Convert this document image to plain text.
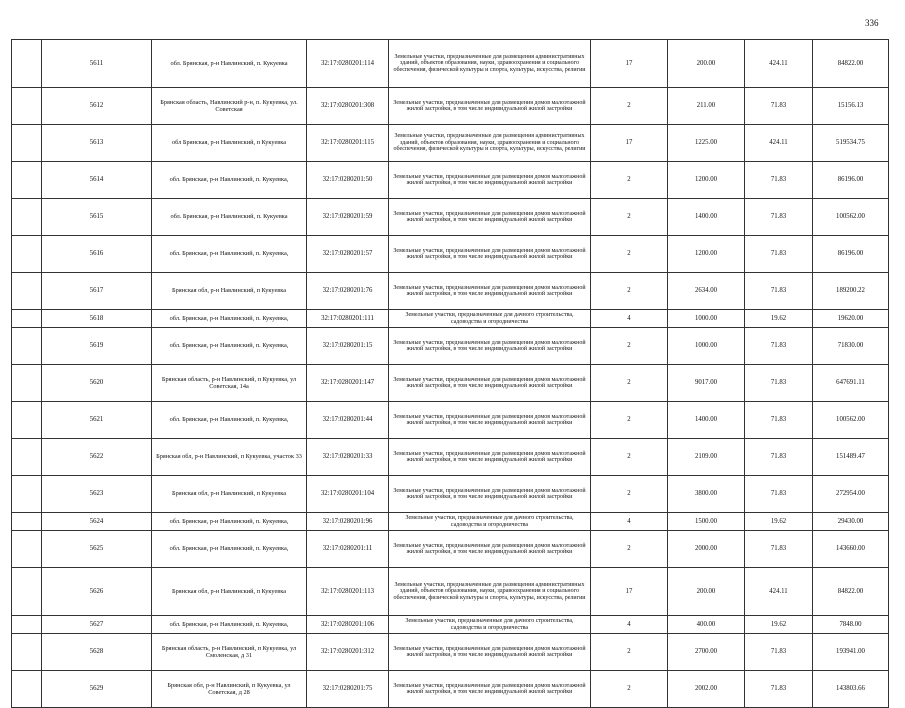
336
	5611	обл. Брянская, р-н Навлинский, п. Кукуевка	32:17:0280201:114	Земельные участки, предназначенные для размещения административных зданий, объектов образования, науки, здравоохранения и социального обеспечения, физической культуры и спорта, культуры, искусства, религии	17	200.00	424.11	84822.00
	5612	Брянская область, Навлинский р-н, п. Кукуевка, ул. Советская	32:17:0280201:308	Земельные участки, предназначенные для размещения домов малоэтажной жилой застройки, в том числе индивидуальной жилой застройки	2	211.00	71.83	15156.13
	5613	обл Брянская, р-н Навлинский, п Кукуевка	32:17:0280201:115	Земельные участки, предназначенные для размещения административных зданий, объектов образования, науки, здравоохранения и социального обеспечения, физической культуры и спорта, культуры, искусства, религии	17	1225.00	424.11	519534.75
	5614	обл. Брянская, р-н Навлинский, п. Кукуевка,	32:17:0280201:50	Земельные участки, предназначенные для размещения домов малоэтажной жилой застройки, в том числе индивидуальной жилой застройки	2	1200.00	71.83	86196.00
	5615	обл. Брянская, р-н Навлинский, п. Кукуевка	32:17:0280201:59	Земельные участки, предназначенные для размещения домов малоэтажной жилой застройки, в том числе индивидуальной жилой застройки	2	1400.00	71.83	100562.00
	5616	обл. Брянская, р-н Навлинский, п. Кукуевка,	32:17:0280201:57	Земельные участки, предназначенные для размещения домов малоэтажной жилой застройки, в том числе индивидуальной жилой застройки	2	1200.00	71.83	86196.00
	5617	Брянская обл, р-н Навлинский, п Кукуевка	32:17:0280201:76	Земельные участки, предназначенные для размещения домов малоэтажной жилой застройки, в том числе индивидуальной жилой застройки	2	2634.00	71.83	189200.22
	5618	обл. Брянская, р-н Навлинский, п. Кукуевка,	32:17:0280201:111	Земельные участки, предназначенные для дачного строительства, садоводства и огородничества	4	1000.00	19.62	19620.00
	5619	обл. Брянская, р-н Навлинский, п. Кукуевка,	32:17:0280201:15	Земельные участки, предназначенные для размещения домов малоэтажной жилой застройки, в том числе индивидуальной жилой застройки	2	1000.00	71.83	71830.00
	5620	Брянская область, р-н Навлинский, п Кукуевка, ул Советская, 14а	32:17:0280201:147	Земельные участки, предназначенные для размещения домов малоэтажной жилой застройки, в том числе индивидуальной жилой застройки	2	9017.00	71.83	647691.11
	5621	обл. Брянская, р-н Навлинский, п. Кукуевка,	32:17:0280201:44	Земельные участки, предназначенные для размещения домов малоэтажной жилой застройки, в том числе индивидуальной жилой застройки	2	1400.00	71.83	100562.00
	5622	Брянская обл, р-н Навлинский, п Кукуевка, участок 33	32:17:0280201:33	Земельные участки, предназначенные для размещения домов малоэтажной жилой застройки, в том числе индивидуальной жилой застройки	2	2109.00	71.83	151489.47
	5623	Брянская обл, р-н Навлинский, п Кукуевка	32:17:0280201:104	Земельные участки, предназначенные для размещения домов малоэтажной жилой застройки, в том числе индивидуальной жилой застройки	2	3800.00	71.83	272954.00
	5624	обл. Брянская, р-н Навлинский, п. Кукуевка,	32:17:0280201:96	Земельные участки, предназначенные для дачного строительства, садоводства и огородничества	4	1500.00	19.62	29430.00
	5625	обл. Брянская, р-н Навлинский, п. Кукуевка,	32:17:0280201:11	Земельные участки, предназначенные для размещения домов малоэтажной жилой застройки, в том числе индивидуальной жилой застройки	2	2000.00	71.83	143660.00
	5626	Брянская обл, р-н Навлинский, п Кукуевка	32:17:0280201:113	Земельные участки, предназначенные для размещения административных зданий, объектов образования, науки, здравоохранения и социального обеспечения, физической культуры и спорта, культуры, искусства, религии	17	200.00	424.11	84822.00
	5627	обл. Брянская, р-н Навлинский, п. Кукуевка,	32:17:0280201:106	Земельные участки, предназначенные для дачного строительства, садоводства и огородничества	4	400.00	19.62	7848.00
	5628	Брянская область, р-н Навлинский, п Кукуевка, ул Смоленская, д 31	32:17:0280201:312	Земельные участки, предназначенные для размещения домов малоэтажной жилой застройки, в том числе индивидуальной жилой застройки	2	2700.00	71.83	193941.00
	5629	Брянская обл, р-н Навлинский, п Кукуевка, ул Советская, д 28	32:17:0280201:75	Земельные участки, предназначенные для размещения домов малоэтажной жилой застройки, в том числе индивидуальной жилой застройки	2	2002.00	71.83	143803.66
